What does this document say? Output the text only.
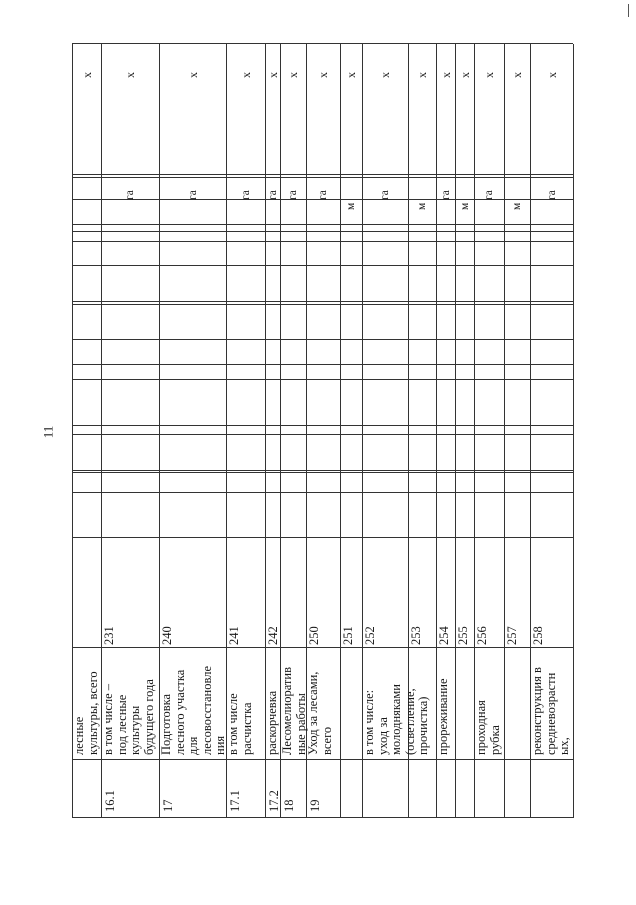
11
лесные
культуры, всего
х
16.1
в том числе –
под лесные
культуры
будущего года
231
га
х
17
Подготовка
лесного участка
для
лесовосстановле
ния
240
га
х
17.1
в том числе
расчистка
241
га
х
17.2
раскорчевка
242
га
х
18
Лесомелиоратив
ные работы
га
х
19
Уход за лесами,
всего
250
га
х
251
м
х
в том числе:
уход за
молодняками
(осветление,
прочистка)
252
га
х
253
м
х
прореживание
254
га
х
255
м
х
проходная
рубка
256
га
х
257
м
х
реконструкция в
средневозрастн
ых,
258
га
х
